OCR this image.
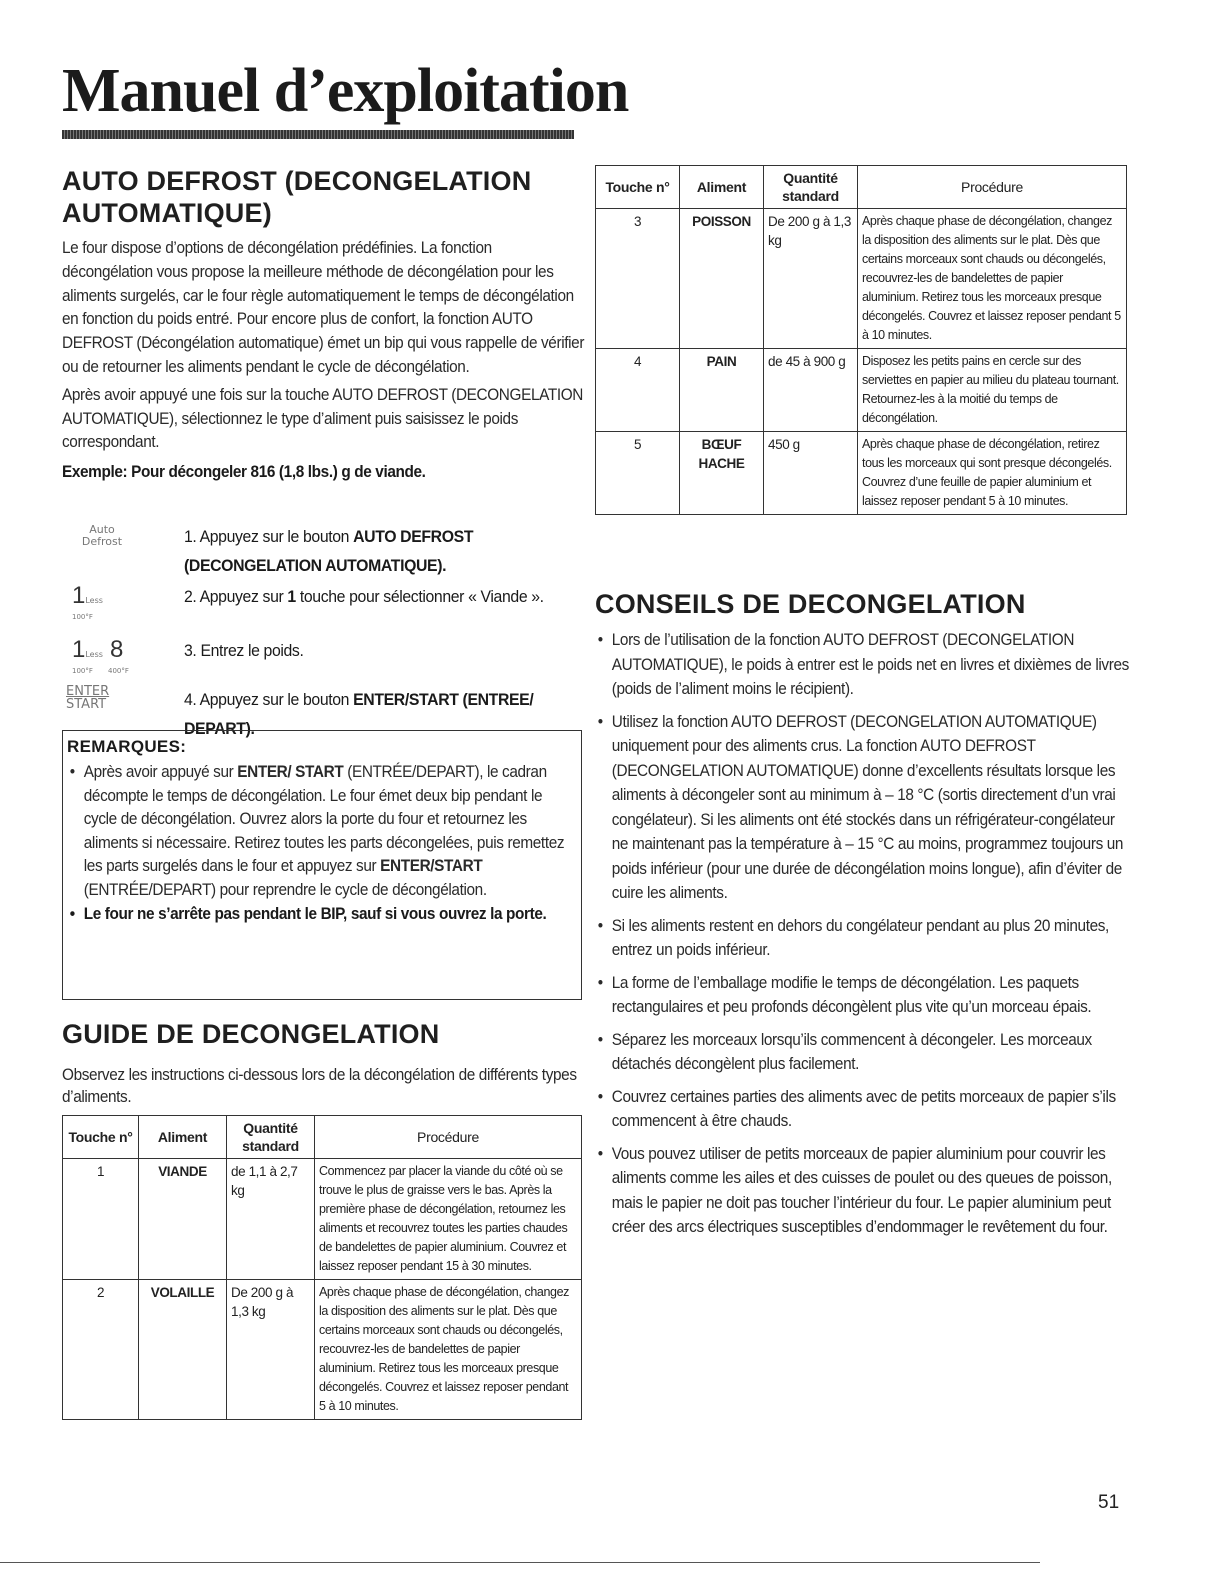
Manuel d’exploitation
AUTO DEFROST (DECONGELATION
AUTOMATIQUE)

Le four dispose d’options de décongélation prédéfinies. La fonction décongélation vous propose la meilleure méthode de décongélation pour les aliments surgelés, car le four règle automatiquement le temps de décongélation en fonction du poids entré. Pour encore plus de confort, la fonction AUTO DEFROST (Décongélation automatique) émet un bip qui vous rappelle de vérifier ou de retourner les aliments pendant le cycle de décongélation.

Après avoir appuyé une fois sur la touche AUTO DEFROST (DECONGELATION AUTOMATIQUE), sélectionnez le type d’aliment puis saisissez le poids correspondant.

Exemple: Pour décongeler 816 (1,8 lbs.) g de viande.

Auto
Defrost	1. Appuyez sur le bouton AUTO DEFROST (DECONGELATION AUTOMATIQUE).
1Less
$^{100^\circ F}$
2. Appuyez sur 1 touche pour sélectionner « Viande ».
1Less 8
$^{100^\circ F}$ $^{400^\circ F}$
3. Entrez le poids.
ENTER
START	4. Appuyez sur le bouton ENTER/START (ENTREE/ DEPART).
REMARQUES:
• Après avoir appuyé sur ENTER/ START (ENTRÉE/DEPART), le cadran décompte le temps de décongélation. Le four émet deux bip pendant le cycle de décongélation. Ouvrez alors la porte du four et retournez les aliments si nécessaire. Retirez toutes les parts décongelées, puis remettez les parts surgelés dans le four et appuyez sur ENTER/START (ENTRÉE/DEPART) pour reprendre le cycle de décongélation.
• Le four ne s’arrête pas pendant le BIP, sauf si vous ouvrez la porte.
GUIDE DE DECONGELATION

Observez les instructions ci-dessous lors de la décongélation de différents types d’aliments.

Touche n°	Aliment	Quantité standard	Procédure
1	VIANDE	de 1,1 à 2,7 kg	Commencez par placer la viande du côté où se trouve le plus de graisse vers le bas. Après la première phase de décongélation, retournez les aliments et recouvrez toutes les parties chaudes de bandelettes de papier aluminium. Couvrez et laissez reposer pendant 15 à 30 minutes.
2	VOLAILLE	De 200 g à 1,3 kg	Après chaque phase de décongélation, changez la disposition des aliments sur le plat. Dès que certains morceaux sont chauds ou décongelés, recouvrez-les de bandelettes de papier aluminium. Retirez tous les morceaux presque décongelés. Couvrez et laissez reposer pendant 5 à 10 minutes.
Touche n°	Aliment	Quantité standard	Procédure
3	POISSON	De 200 g à 1,3 kg	Après chaque phase de décongélation, changez la disposition des aliments sur le plat. Dès que certains morceaux sont chauds ou décongelés, recouvrez-les de bandelettes de papier aluminium. Retirez tous les morceaux presque décongelés. Couvrez et laissez reposer pendant 5 à 10 minutes.
4	PAIN	de 45 à 900 g	Disposez les petits pains en cercle sur des serviettes en papier au milieu du plateau tournant. Retournez-les à la moitié du temps de décongélation.
5	BŒUF HACHE	450 g	Après chaque phase de décongélation, retirez tous les morceaux qui sont presque décongelés. Couvrez d’une feuille de papier aluminium et laissez reposer pendant 5 à 10 minutes.
CONSEILS DE DECONGELATION
• Lors de l’utilisation de la fonction AUTO DEFROST (DECONGELATION AUTOMATIQUE), le poids à entrer est le poids net en livres et dixièmes de livres (poids de l’aliment moins le récipient).
• Utilisez la fonction AUTO DEFROST (DECONGELATION AUTOMATIQUE) uniquement pour des aliments crus. La fonction AUTO DEFROST (DECONGELATION AUTOMATIQUE) donne d’excellents résultats lorsque les aliments à décongeler sont au minimum à – 18 °C (sortis directement d’un vrai congélateur). Si les aliments ont été stockés dans un réfrigérateur-congélateur ne maintenant pas la température à – 15 °C au moins, programmez toujours un poids inférieur (pour une durée de décongélation moins longue), afin d’éviter de cuire les aliments.
• Si les aliments restent en dehors du congélateur pendant au plus 20 minutes, entrez un poids inférieur.
• La forme de l’emballage modifie le temps de décongélation. Les paquets rectangulaires et peu profonds décongèlent plus vite qu’un morceau épais.
• Séparez les morceaux lorsqu’ils commencent à décongeler. Les morceaux détachés décongèlent plus facilement.
• Couvrez certaines parties des aliments avec de petits morceaux de papier s’ils commencent à être chauds.
• Vous pouvez utiliser de petits morceaux de papier aluminium pour couvrir les aliments comme les ailes et des cuisses de poulet ou des queues de poisson, mais le papier ne doit pas toucher l’intérieur du four. Le papier aluminium peut créer des arcs électriques susceptibles d’endommager le revêtement du four.
51
